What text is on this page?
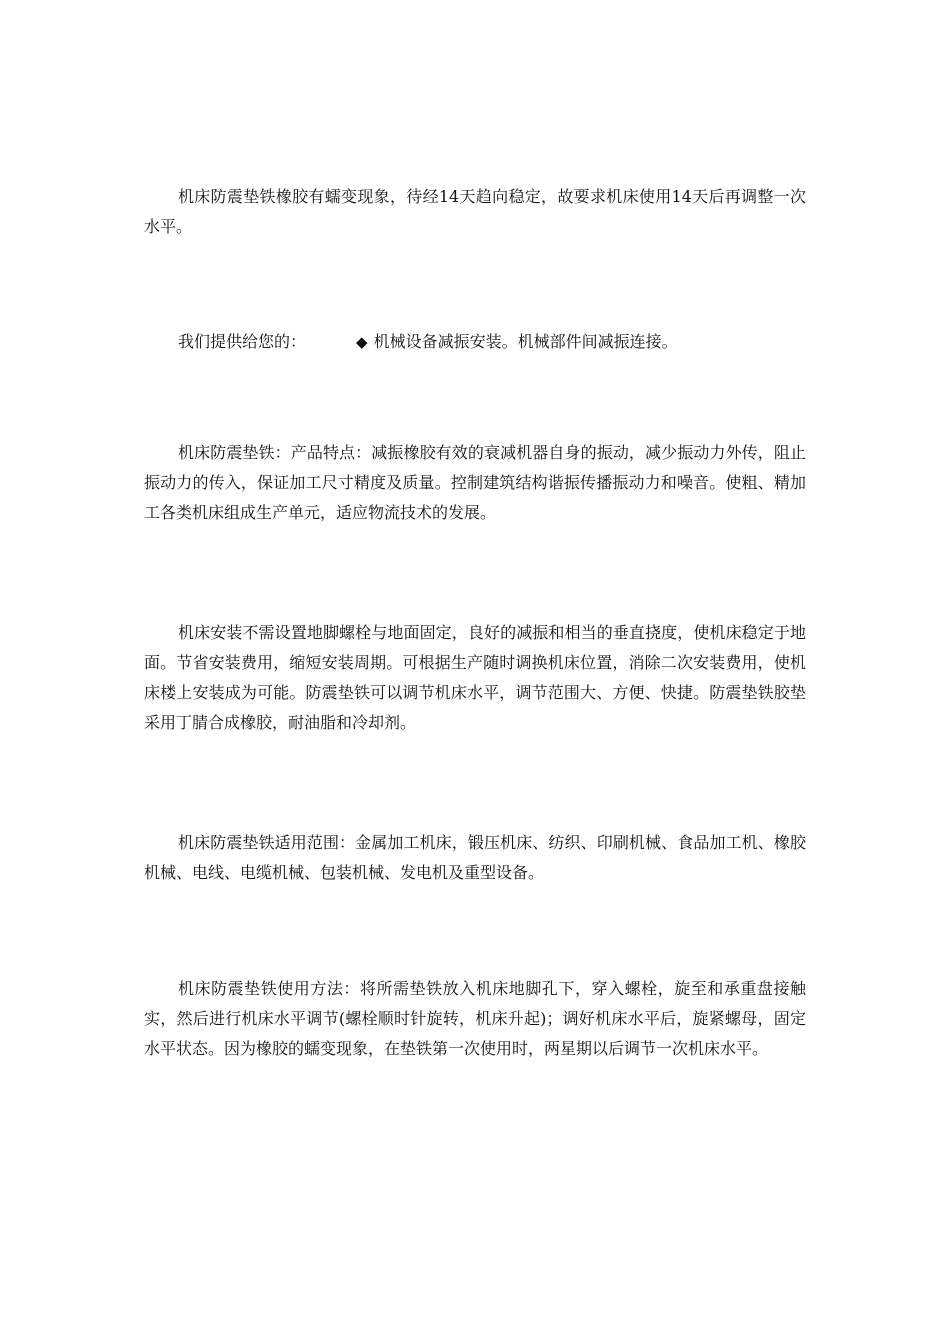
机床防震垫铁橡胶有蠕变现象，待经14天趋向稳定，故要求机床使用14天后再调整一次水平。

我们提供给您的：	◆ 机械设备减振安装。机械部件间减振连接。

机床防震垫铁：产品特点：减振橡胶有效的衰减机器自身的振动，减少振动力外传，阻止振动力的传入，保证加工尺寸精度及质量。控制建筑结构谐振传播振动力和噪音。使粗、精加工各类机床组成生产单元，适应物流技术的发展。

机床安装不需设置地脚螺栓与地面固定，良好的减振和相当的垂直挠度，使机床稳定于地面。节省安装费用，缩短安装周期。可根据生产随时调换机床位置，消除二次安装费用，使机床楼上安装成为可能。防震垫铁可以调节机床水平，调节范围大、方便、快捷。防震垫铁胶垫采用丁腈合成橡胶，耐油脂和冷却剂。

机床防震垫铁适用范围：金属加工机床，锻压机床、纺织、印刷机械、食品加工机、橡胶机械、电线、电缆机械、包装机械、发电机及重型设备。

机床防震垫铁使用方法：将所需垫铁放入机床地脚孔下，穿入螺栓，旋至和承重盘接触实，然后进行机床水平调节(螺栓顺时针旋转，机床升起)；调好机床水平后，旋紧螺母，固定水平状态。因为橡胶的蠕变现象，在垫铁第一次使用时，两星期以后调节一次机床水平。
